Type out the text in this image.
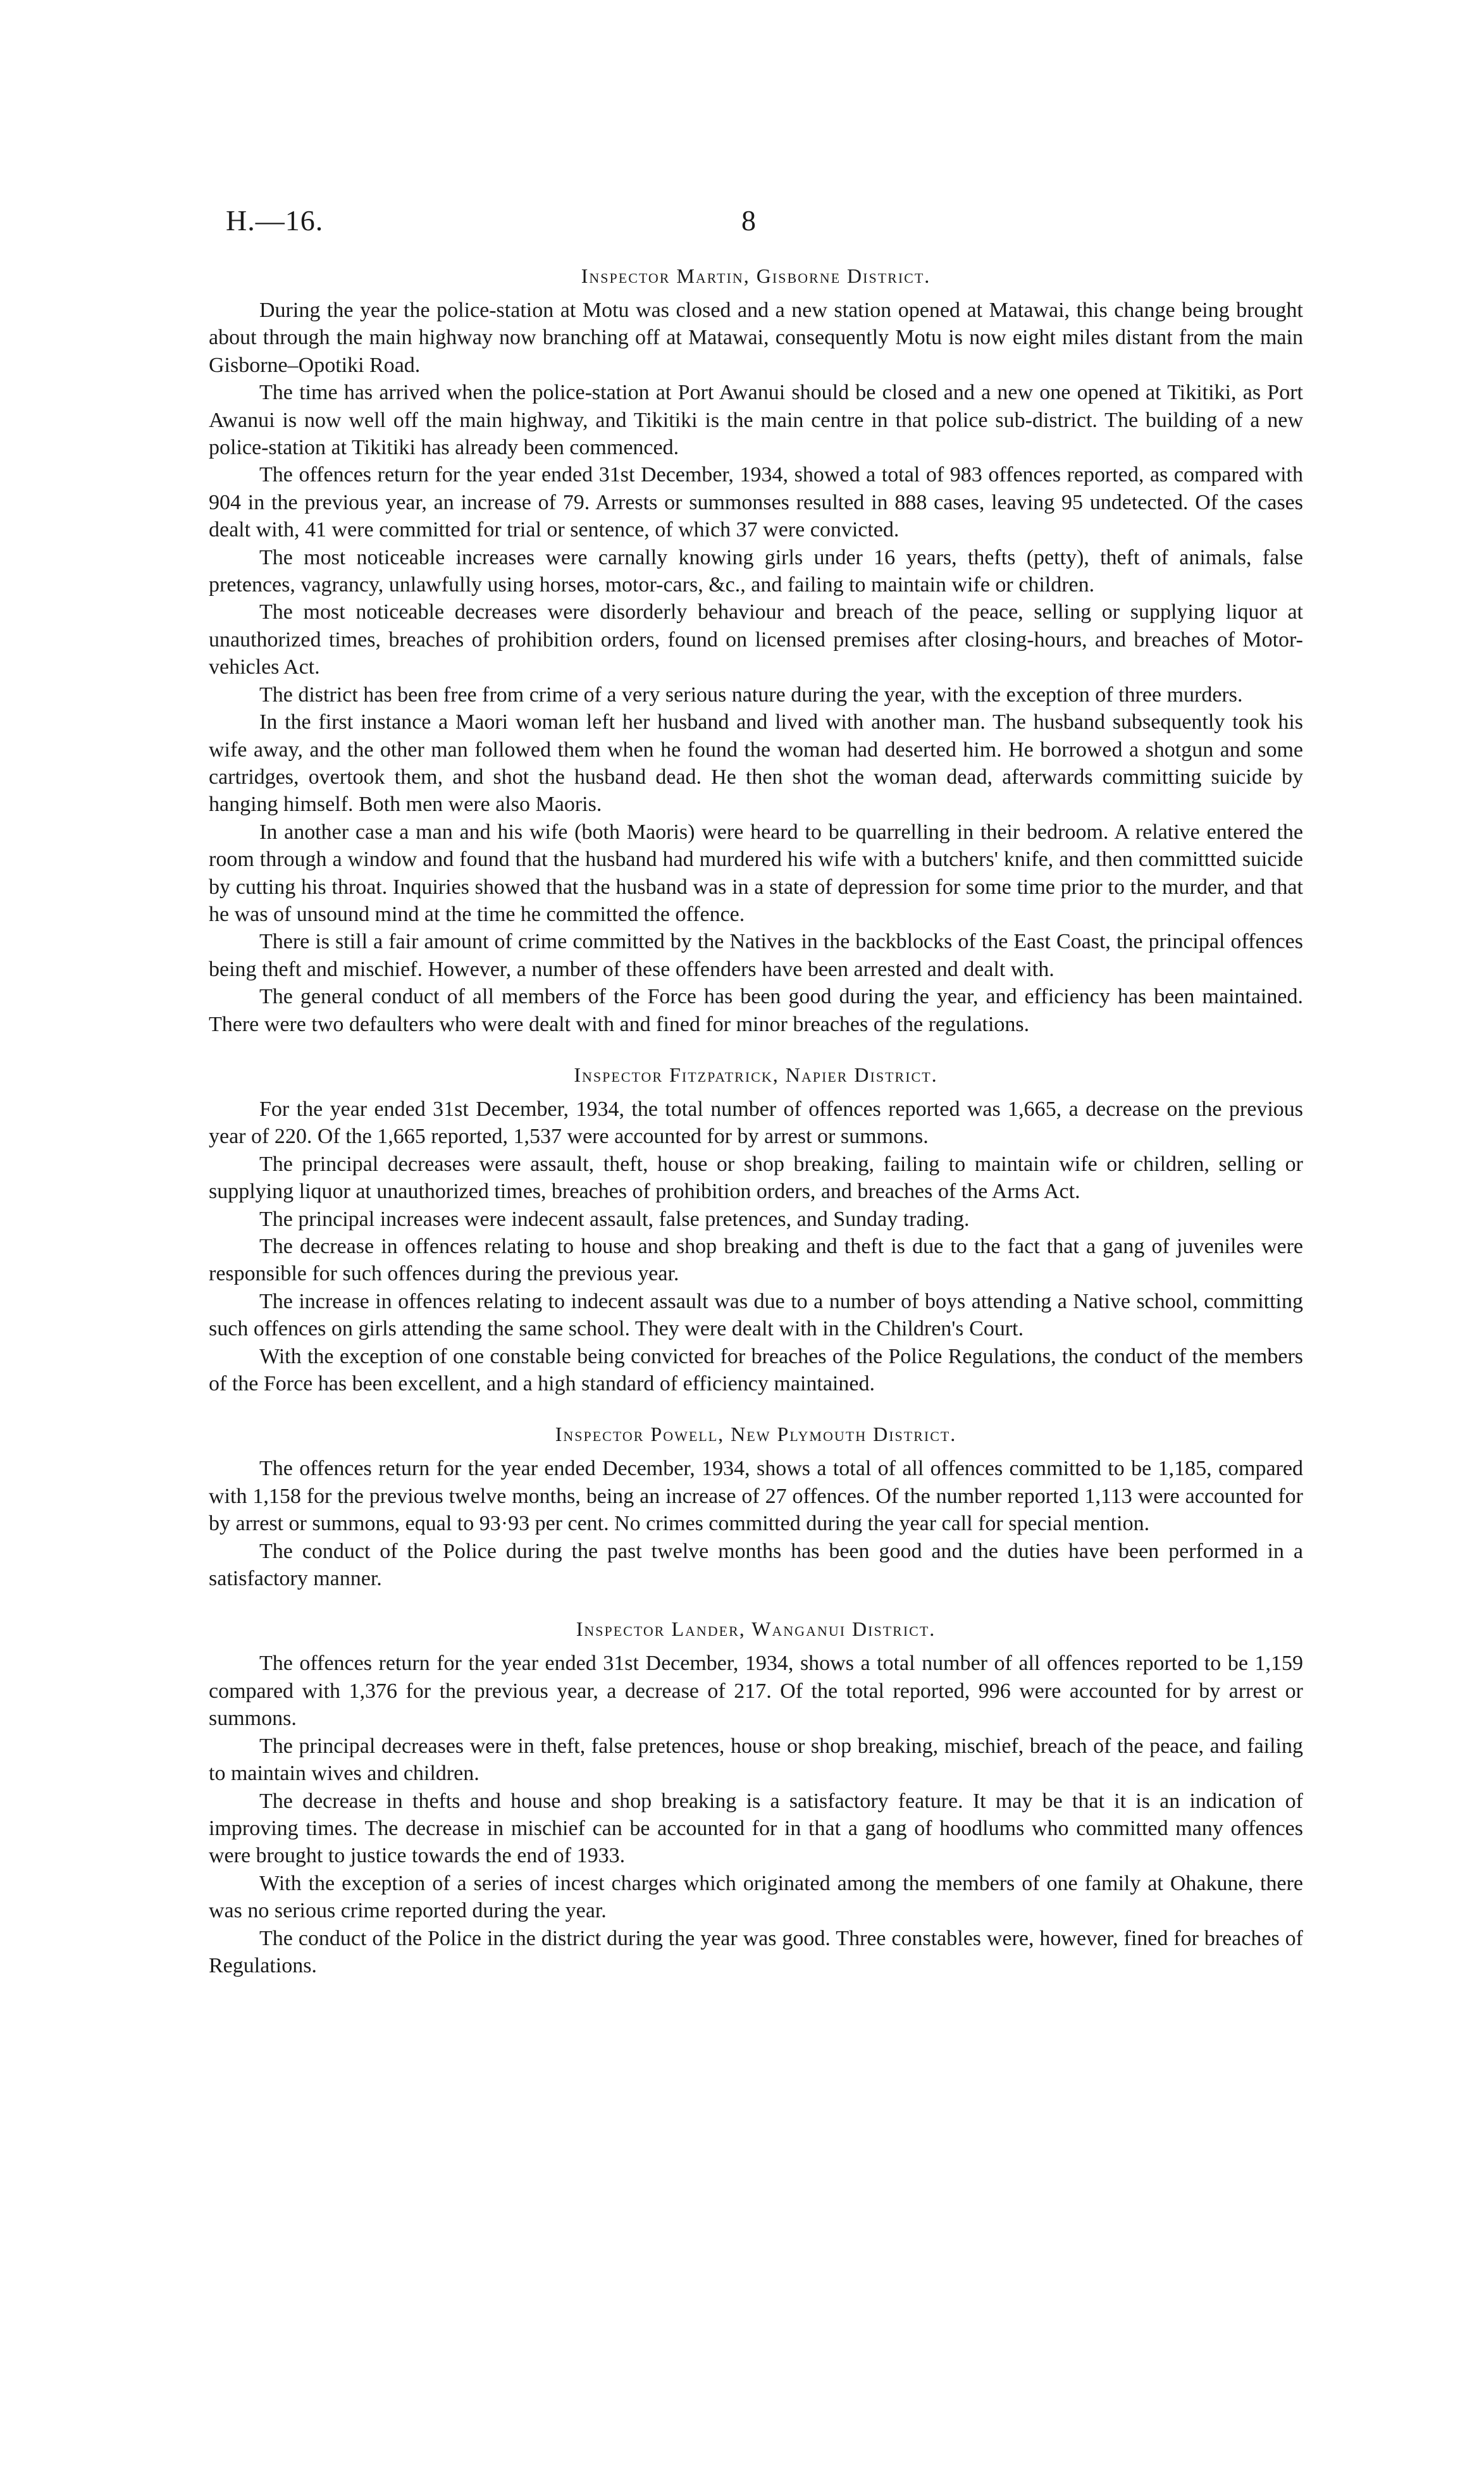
H.—16.	8
Inspector Martin, Gisborne District.

During the year the police-station at Motu was closed and a new station opened at Matawai, this change being brought about through the main highway now branching off at Matawai, consequently Motu is now eight miles distant from the main Gisborne–Opotiki Road.

The time has arrived when the police-station at Port Awanui should be closed and a new one opened at Tikitiki, as Port Awanui is now well off the main highway, and Tikitiki is the main centre in that police sub-district. The building of a new police-station at Tikitiki has already been commenced.

The offences return for the year ended 31st December, 1934, showed a total of 983 offences reported, as compared with 904 in the previous year, an increase of 79. Arrests or summonses resulted in 888 cases, leaving 95 undetected. Of the cases dealt with, 41 were committed for trial or sentence, of which 37 were convicted.

The most noticeable increases were carnally knowing girls under 16 years, thefts (petty), theft of animals, false pretences, vagrancy, unlawfully using horses, motor-cars, &c., and failing to maintain wife or children.

The most noticeable decreases were disorderly behaviour and breach of the peace, selling or supplying liquor at unauthorized times, breaches of prohibition orders, found on licensed premises after closing-hours, and breaches of Motor-vehicles Act.

The district has been free from crime of a very serious nature during the year, with the exception of three murders.

In the first instance a Maori woman left her husband and lived with another man. The husband subsequently took his wife away, and the other man followed them when he found the woman had deserted him. He borrowed a shotgun and some cartridges, overtook them, and shot the husband dead. He then shot the woman dead, afterwards committing suicide by hanging himself. Both men were also Maoris.

In another case a man and his wife (both Maoris) were heard to be quarrelling in their bedroom. A relative entered the room through a window and found that the husband had murdered his wife with a butchers' knife, and then committted suicide by cutting his throat. Inquiries showed that the husband was in a state of depression for some time prior to the murder, and that he was of unsound mind at the time he committed the offence.

There is still a fair amount of crime committed by the Natives in the backblocks of the East Coast, the principal offences being theft and mischief. However, a number of these offenders have been arrested and dealt with.

The general conduct of all members of the Force has been good during the year, and efficiency has been maintained. There were two defaulters who were dealt with and fined for minor breaches of the regulations.

Inspector Fitzpatrick, Napier District.

For the year ended 31st December, 1934, the total number of offences reported was 1,665, a decrease on the previous year of 220. Of the 1,665 reported, 1,537 were accounted for by arrest or summons.

The principal decreases were assault, theft, house or shop breaking, failing to maintain wife or children, selling or supplying liquor at unauthorized times, breaches of prohibition orders, and breaches of the Arms Act.

The principal increases were indecent assault, false pretences, and Sunday trading.

The decrease in offences relating to house and shop breaking and theft is due to the fact that a gang of juveniles were responsible for such offences during the previous year.

The increase in offences relating to indecent assault was due to a number of boys attending a Native school, committing such offences on girls attending the same school. They were dealt with in the Children's Court.

With the exception of one constable being convicted for breaches of the Police Regulations, the conduct of the members of the Force has been excellent, and a high standard of efficiency maintained.

Inspector Powell, New Plymouth District.

The offences return for the year ended December, 1934, shows a total of all offences committed to be 1,185, compared with 1,158 for the previous twelve months, being an increase of 27 offences. Of the number reported 1,113 were accounted for by arrest or summons, equal to 93·93 per cent. No crimes committed during the year call for special mention.

The conduct of the Police during the past twelve months has been good and the duties have been performed in a satisfactory manner.

Inspector Lander, Wanganui District.

The offences return for the year ended 31st December, 1934, shows a total number of all offences reported to be 1,159 compared with 1,376 for the previous year, a decrease of 217. Of the total reported, 996 were accounted for by arrest or summons.

The principal decreases were in theft, false pretences, house or shop breaking, mischief, breach of the peace, and failing to maintain wives and children.

The decrease in thefts and house and shop breaking is a satisfactory feature. It may be that it is an indication of improving times. The decrease in mischief can be accounted for in that a gang of hoodlums who committed many offences were brought to justice towards the end of 1933.

With the exception of a series of incest charges which originated among the members of one family at Ohakune, there was no serious crime reported during the year.

The conduct of the Police in the district during the year was good. Three constables were, however, fined for breaches of Regulations.
